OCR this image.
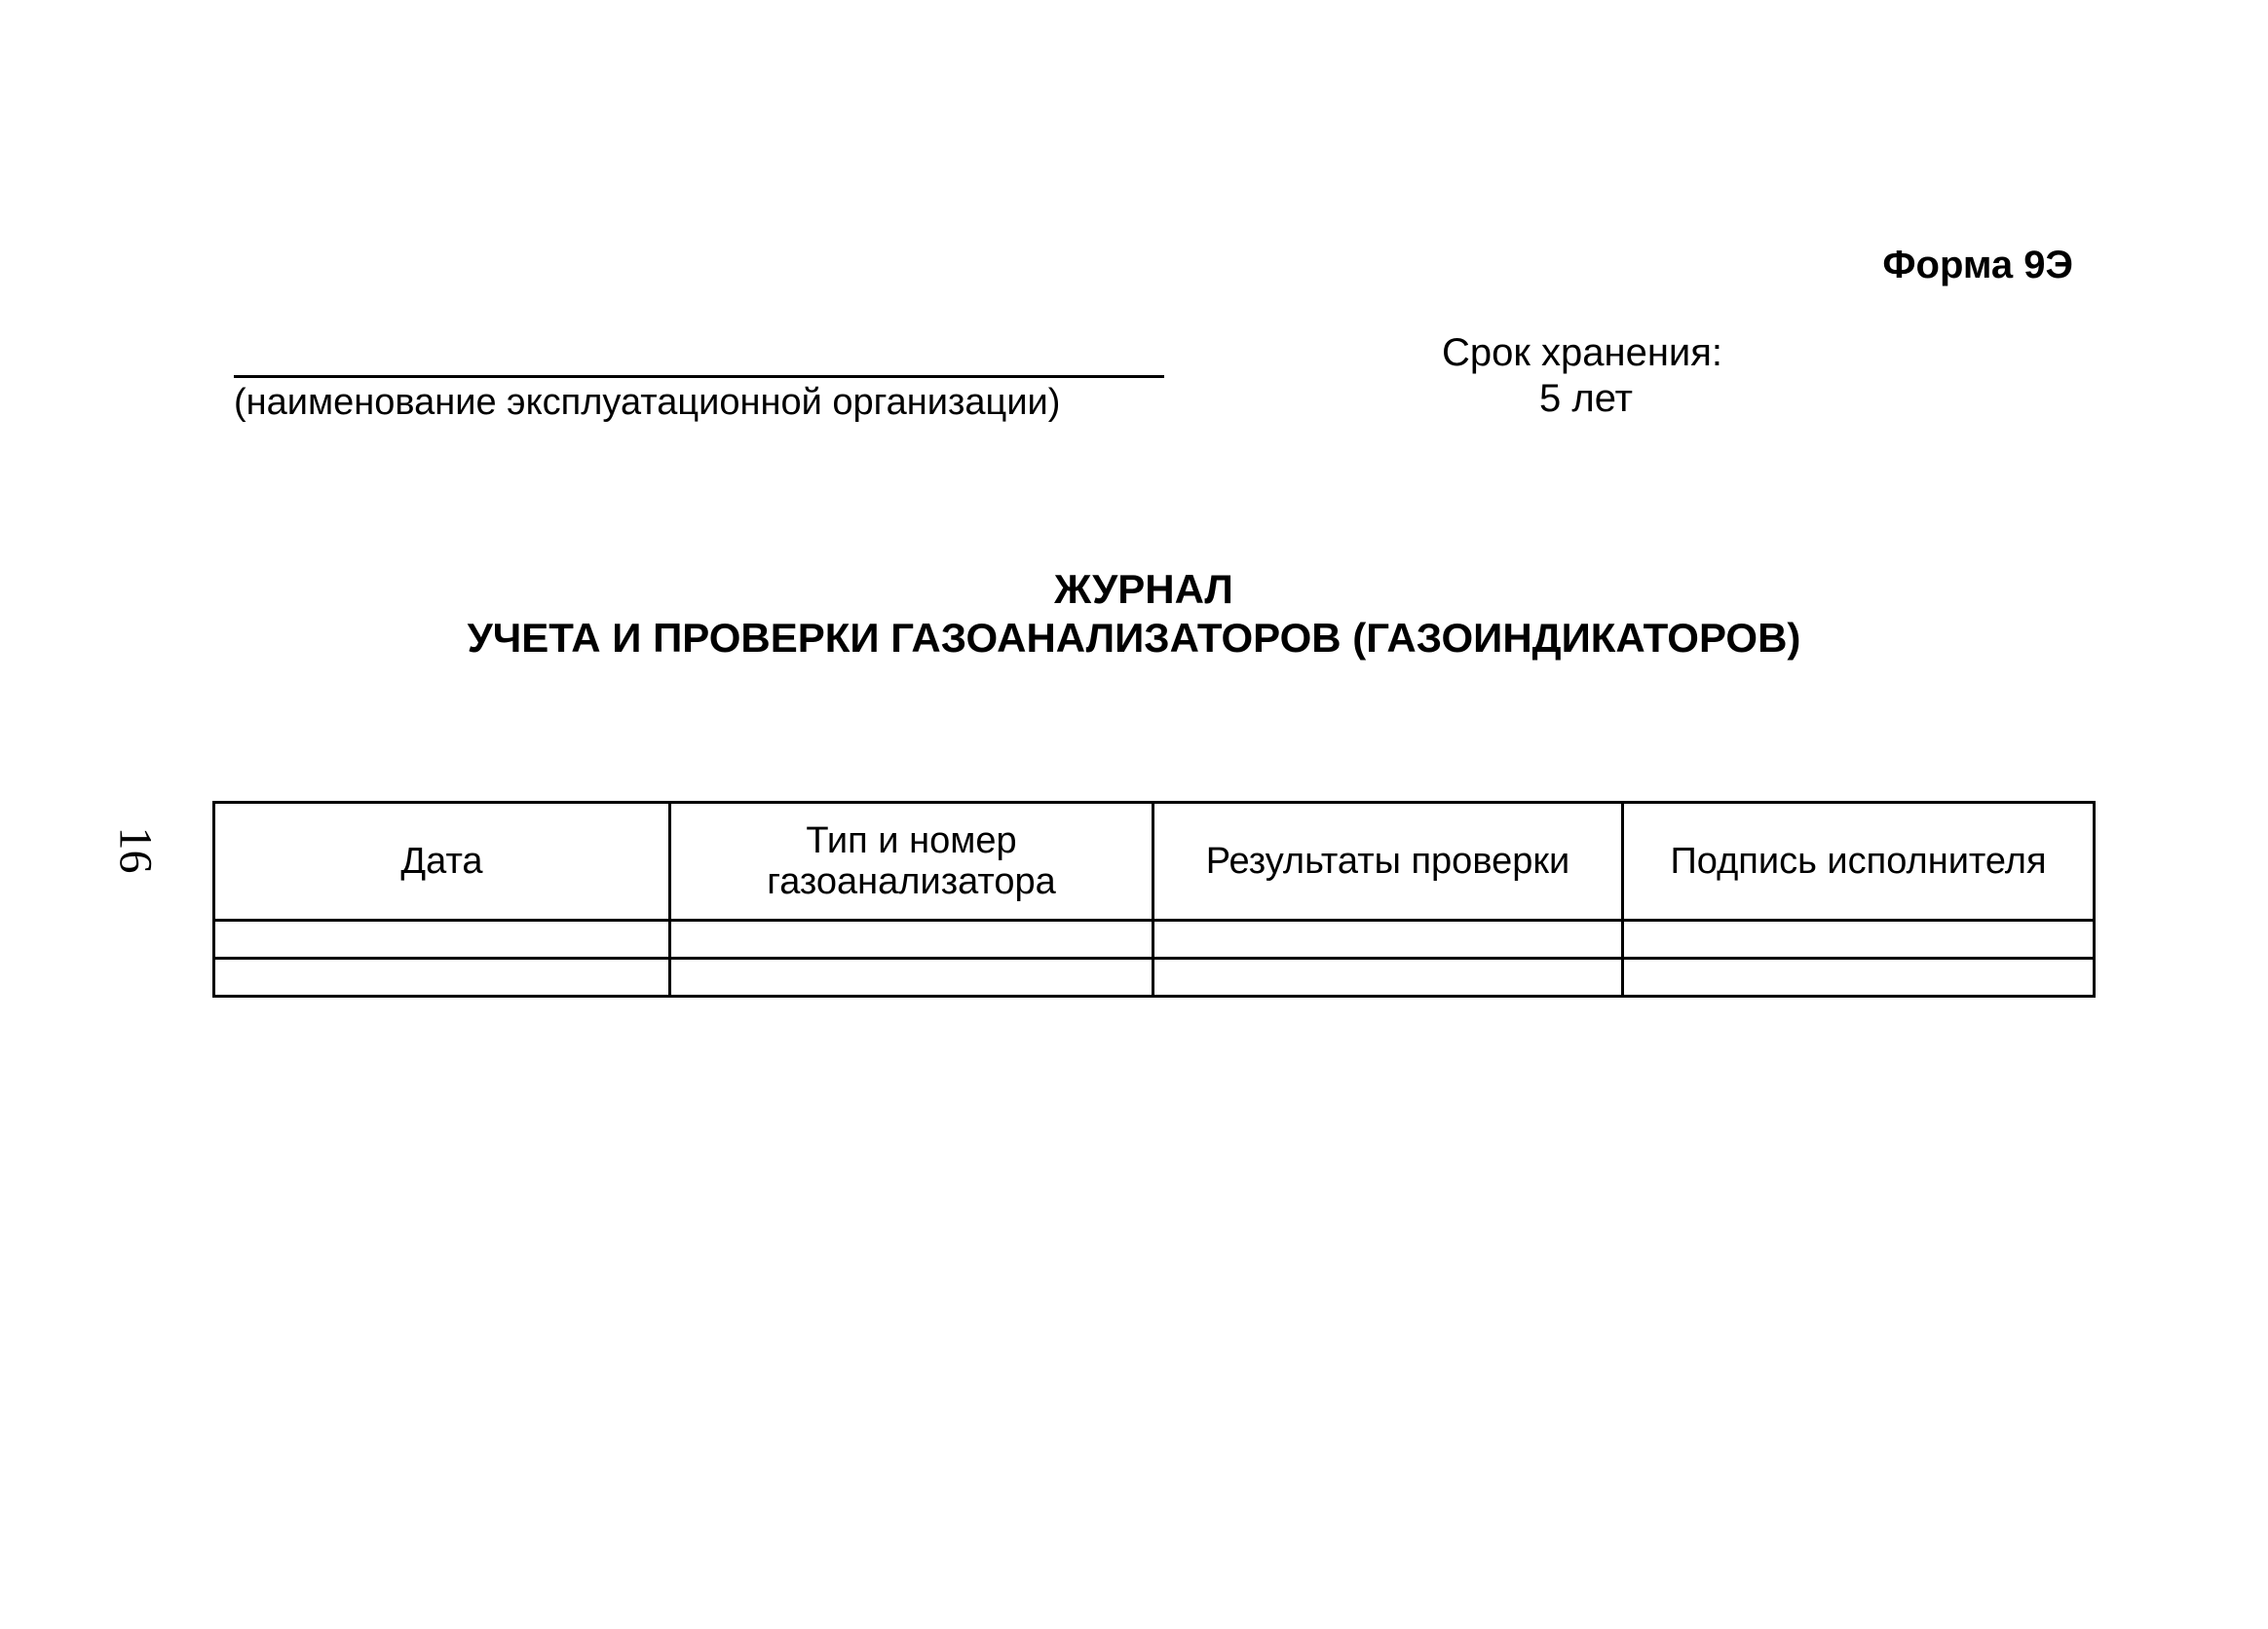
Форма 9Э
(наименование эксплуатационной организации)
Срок хранения:
5 лет
ЖУРНАЛ
УЧЕТА И ПРОВЕРКИ ГАЗОАНАЛИЗАТОРОВ (ГАЗОИНДИКАТОРОВ)
16	Дата	Тип и номер газоанализатора	Результаты проверки	Подпись исполнителя
